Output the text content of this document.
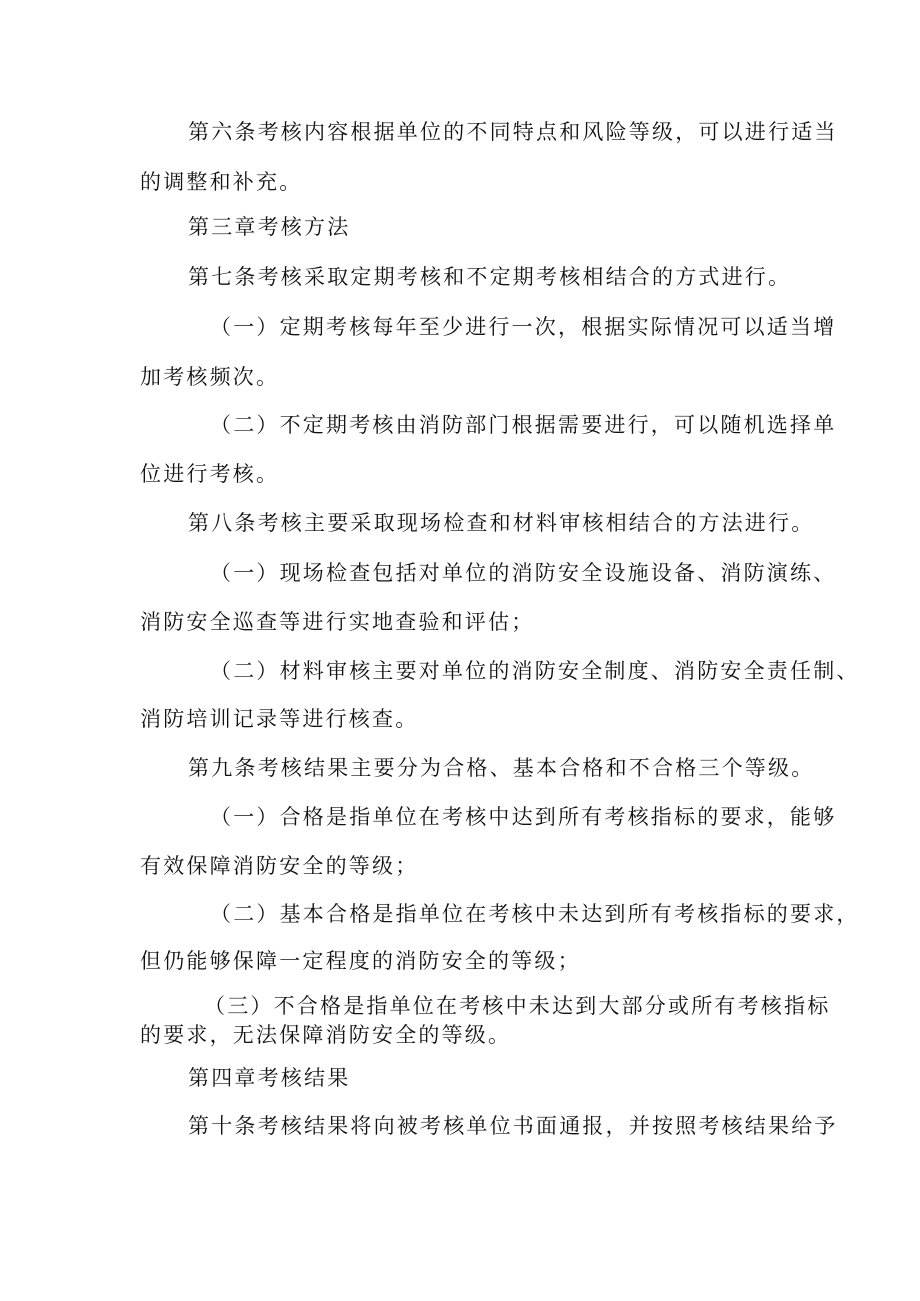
第六条考核内容根据单位的不同特点和风险等级，可以进行适当
的调整和补充。
第三章考核方法
第七条考核采取定期考核和不定期考核相结合的方式进行。
（一）定期考核每年至少进行一次，根据实际情况可以适当增
加考核频次。
（二）不定期考核由消防部门根据需要进行，可以随机选择单
位进行考核。
第八条考核主要采取现场检查和材料审核相结合的方法进行。
（一）现场检查包括对单位的消防安全设施设备、消防演练、
消防安全巡查等进行实地查验和评估；
（二）材料审核主要对单位的消防安全制度、消防安全责任制、
消防培训记录等进行核查。
第九条考核结果主要分为合格、基本合格和不合格三个等级。
（一）合格是指单位在考核中达到所有考核指标的要求，能够
有效保障消防安全的等级；
（二）基本合格是指单位在考核中未达到所有考核指标的要求，
但仍能够保障一定程度的消防安全的等级；
（三）不合格是指单位在考核中未达到大部分或所有考核指标
的要求，无法保障消防安全的等级。
第四章考核结果
第十条考核结果将向被考核单位书面通报，并按照考核结果给予
